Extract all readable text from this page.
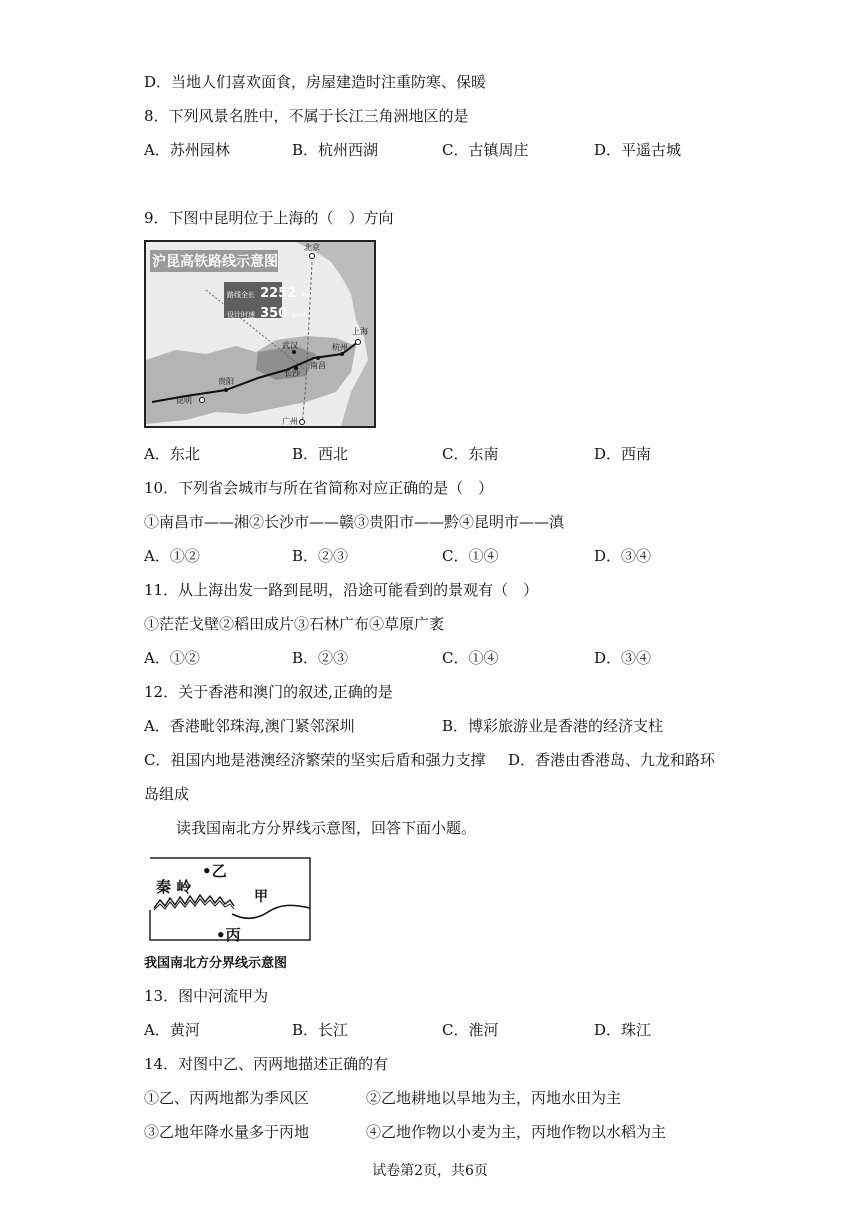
D．当地人们喜欢面食，房屋建造时注重防寒、保暖
8．下列风景名胜中，不属于长江三角洲地区的是
A．苏州园林	B．杭州西湖	C．古镇周庄	D．平遥古城
9．下图中昆明位于上海的（　）方向
沪昆高铁路线示意图
路线全长 2252 km
设计时速 350 km/h
北京
武汉	杭州
上海
南昌
长沙
贵阳
昆明
广州
A．东北	B．西北	C．东南	D．西南
10．下列省会城市与所在省简称对应正确的是（　）
①南昌市——湘②长沙市——赣③贵阳市——黔④昆明市——滇
A．①②	B．②③	C．①④	D．③④
11．从上海出发一路到昆明，沿途可能看到的景观有（　）
①茫茫戈壁②稻田成片③石林广布④草原广袤
A．①②	B．②③	C．①④	D．③④
12．关于香港和澳门的叙述,正确的是
A．香港毗邻珠海,澳门紧邻深圳	B．博彩旅游业是香港的经济支柱
C．祖国内地是港澳经济繁荣的坚实后盾和强力支撑 D．香港由香港岛、九龙和路环
岛组成
读我国南北方分界线示意图，回答下面小题。
秦 岭
•乙
甲
•丙
我国南北方分界线示意图
13．图中河流甲为
A．黄河	B．长江	C．淮河	D．珠江
14．对图中乙、丙两地描述正确的有
①乙、丙两地都为季风区	②乙地耕地以旱地为主，丙地水田为主
③乙地年降水量多于丙地	④乙地作物以小麦为主，丙地作物以水稻为主
试卷第2页，共6页
